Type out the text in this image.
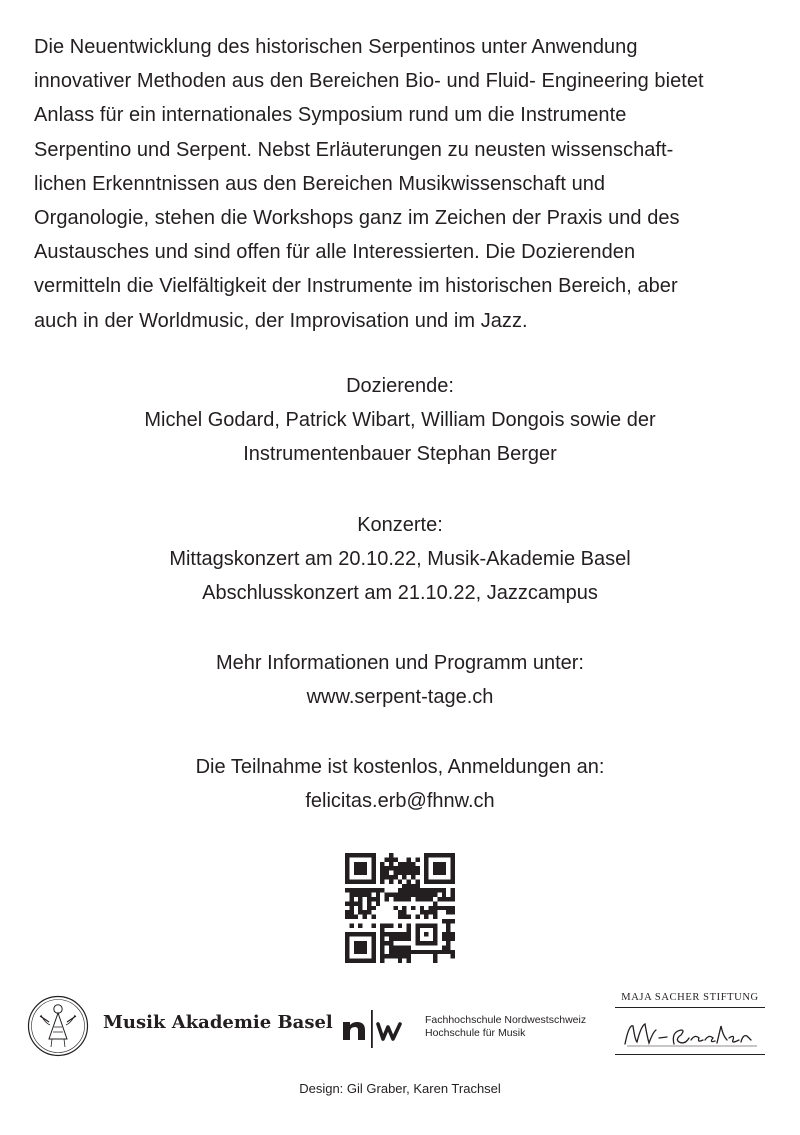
Die Neuentwicklung des historischen Serpentinos unter Anwendung

innovativer Methoden aus den Bereichen Bio- und Fluid- Engineering bietet

Anlass für ein internationales Symposium rund um die Instrumente

Serpentino und Serpent. Nebst Erläuterungen zu neusten wissenschaft-

lichen Erkenntnissen aus den Bereichen Musikwissenschaft und

Organologie, stehen die Workshops ganz im Zeichen der Praxis und des

Austausches und sind offen für alle Interessierten. Die Dozierenden

vermitteln die Vielfältigkeit der Instrumente im historischen Bereich, aber

auch in der Worldmusic, der Improvisation und im Jazz.

Dozierende:
Michel Godard, Patrick Wibart, William Dongois sowie der
Instrumentenbauer Stephan Berger
Konzerte:
Mittagskonzert am 20.10.22, Musik-Akademie Basel
Abschlusskonzert am 21.10.22, Jazzcampus
Mehr Informationen und Programm unter:
www.serpent-tage.ch
Die Teilnahme ist kostenlos, Anmeldungen an:
felicitas.erb@fhnw.ch
Musik Akademie Basel	Fachhochschule Nordwestschweiz
Hochschule für Musik
MAJA SACHER STIFTUNG
Design: Gil Graber, Karen Trachsel
